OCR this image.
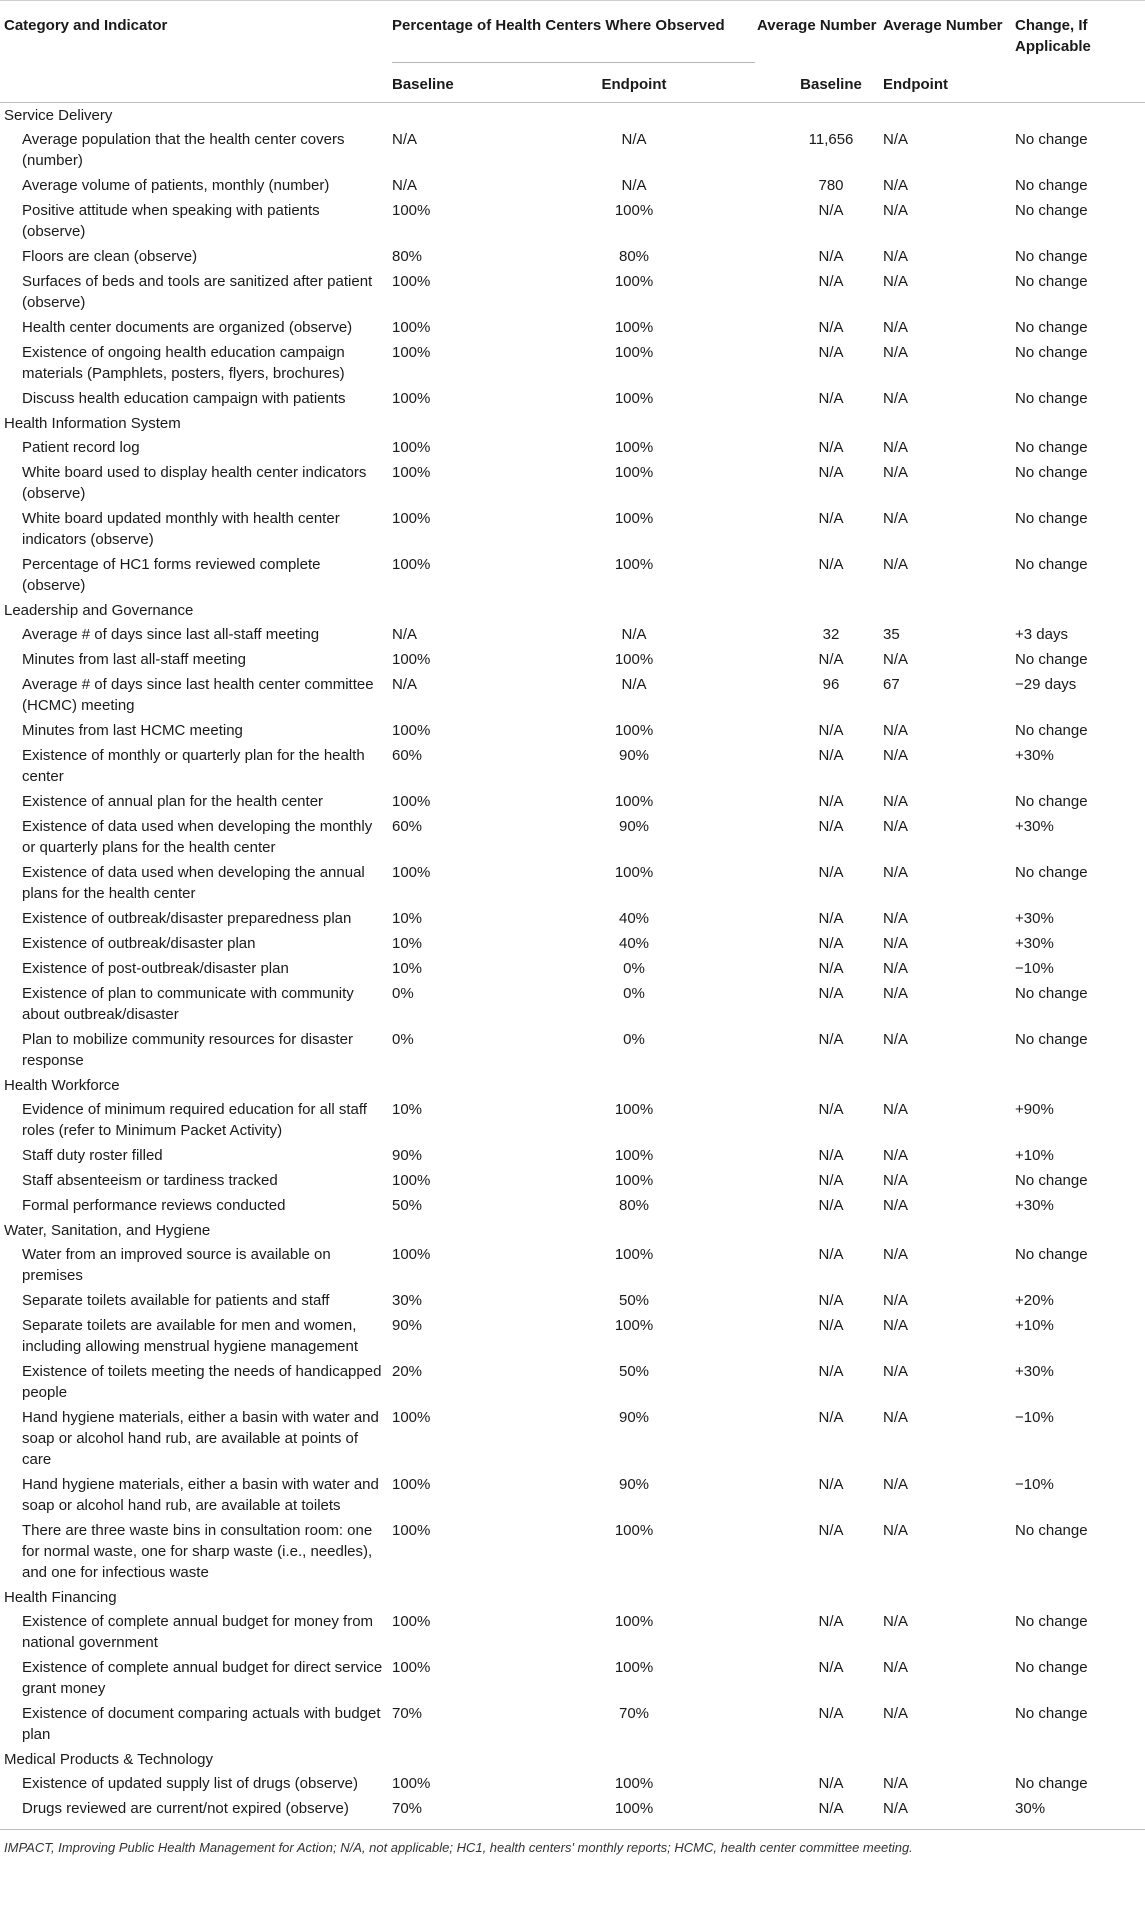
Category and Indicator	Percentage of Health Centers Where Observed		Average Number	Average Number	Change, If Applicable
	Baseline	Endpoint	Baseline	Endpoint	
Service Delivery					
Average population that the health center covers (number)	N/A	N/A	11,656	N/A	No change
Average volume of patients, monthly (number)	N/A	N/A	780	N/A	No change
Positive attitude when speaking with patients (observe)	100%	100%	N/A	N/A	No change
Floors are clean (observe)	80%	80%	N/A	N/A	No change
Surfaces of beds and tools are sanitized after patient (observe)	100%	100%	N/A	N/A	No change
Health center documents are organized (observe)	100%	100%	N/A	N/A	No change
Existence of ongoing health education campaign materials (Pamphlets, posters, flyers, brochures)	100%	100%	N/A	N/A	No change
Discuss health education campaign with patients	100%	100%	N/A	N/A	No change
Health Information System					
Patient record log	100%	100%	N/A	N/A	No change
White board used to display health center indicators (observe)	100%	100%	N/A	N/A	No change
White board updated monthly with health center indicators (observe)	100%	100%	N/A	N/A	No change
Percentage of HC1 forms reviewed complete (observe)	100%	100%	N/A	N/A	No change
Leadership and Governance					
Average # of days since last all-staff meeting	N/A	N/A	32	35	+3 days
Minutes from last all-staff meeting	100%	100%	N/A	N/A	No change
Average # of days since last health center committee (HCMC) meeting	N/A	N/A	96	67	−29 days
Minutes from last HCMC meeting	100%	100%	N/A	N/A	No change
Existence of monthly or quarterly plan for the health center	60%	90%	N/A	N/A	+30%
Existence of annual plan for the health center	100%	100%	N/A	N/A	No change
Existence of data used when developing the monthly or quarterly plans for the health center	60%	90%	N/A	N/A	+30%
Existence of data used when developing the annual plans for the health center	100%	100%	N/A	N/A	No change
Existence of outbreak/disaster preparedness plan	10%	40%	N/A	N/A	+30%
Existence of outbreak/disaster plan	10%	40%	N/A	N/A	+30%
Existence of post-outbreak/disaster plan	10%	0%	N/A	N/A	−10%
Existence of plan to communicate with community about outbreak/disaster	0%	0%	N/A	N/A	No change
Plan to mobilize community resources for disaster response	0%	0%	N/A	N/A	No change
Health Workforce					
Evidence of minimum required education for all staff roles (refer to Minimum Packet Activity)	10%	100%	N/A	N/A	+90%
Staff duty roster filled	90%	100%	N/A	N/A	+10%
Staff absenteeism or tardiness tracked	100%	100%	N/A	N/A	No change
Formal performance reviews conducted	50%	80%	N/A	N/A	+30%
Water, Sanitation, and Hygiene					
Water from an improved source is available on premises	100%	100%	N/A	N/A	No change
Separate toilets available for patients and staff	30%	50%	N/A	N/A	+20%
Separate toilets are available for men and women, including allowing menstrual hygiene management	90%	100%	N/A	N/A	+10%
Existence of toilets meeting the needs of handicapped people	20%	50%	N/A	N/A	+30%
Hand hygiene materials, either a basin with water and soap or alcohol hand rub, are available at points of care	100%	90%	N/A	N/A	−10%
Hand hygiene materials, either a basin with water and soap or alcohol hand rub, are available at toilets	100%	90%	N/A	N/A	−10%
There are three waste bins in consultation room: one for normal waste, one for sharp waste (i.e., needles), and one for infectious waste	100%	100%	N/A	N/A	No change
Health Financing					
Existence of complete annual budget for money from national government	100%	100%	N/A	N/A	No change
Existence of complete annual budget for direct service grant money	100%	100%	N/A	N/A	No change
Existence of document comparing actuals with budget plan	70%	70%	N/A	N/A	No change
Medical Products & Technology					
Existence of updated supply list of drugs (observe)	100%	100%	N/A	N/A	No change
Drugs reviewed are current/not expired (observe)	70%	100%	N/A	N/A	30%
IMPACT, Improving Public Health Management for Action; N/A, not applicable; HC1, health centers' monthly reports; HCMC, health center committee meeting.
